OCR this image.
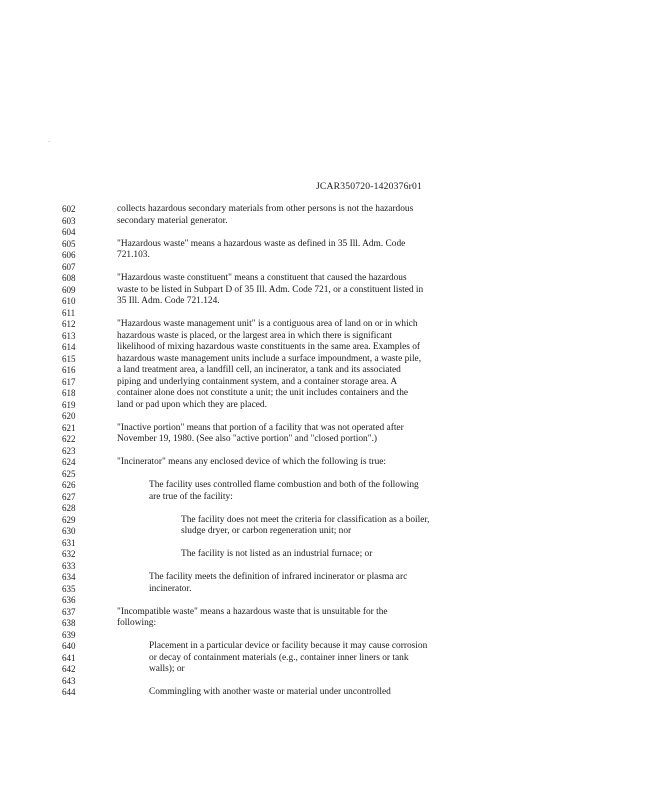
·
JCAR350720-1420376r01
602	collects hazardous secondary materials from other persons is not the hazardous
603	secondary material generator.
604
605	"Hazardous waste" means a hazardous waste as defined in 35 Ill. Adm. Code
606	721.103.
607
608	"Hazardous waste constituent" means a constituent that caused the hazardous
609	waste to be listed in Subpart D of 35 Ill. Adm. Code 721, or a constituent listed in
610	35 Ill. Adm. Code 721.124.
611
612	"Hazardous waste management unit" is a contiguous area of land on or in which
613	hazardous waste is placed, or the largest area in which there is significant
614	likelihood of mixing hazardous waste constituents in the same area. Examples of
615	hazardous waste management units include a surface impoundment, a waste pile,
616	a land treatment area, a landfill cell, an incinerator, a tank and its associated
617	piping and underlying containment system, and a container storage area. A
618	container alone does not constitute a unit; the unit includes containers and the
619	land or pad upon which they are placed.
620
621	"Inactive portion" means that portion of a facility that was not operated after
622	November 19, 1980. (See also "active portion" and "closed portion".)
623
624	"Incinerator" means any enclosed device of which the following is true:
625
626	The facility uses controlled flame combustion and both of the following
627	are true of the facility:
628
629	The facility does not meet the criteria for classification as a boiler,
630	sludge dryer, or carbon regeneration unit; nor
631
632	The facility is not listed as an industrial furnace; or
633
634	The facility meets the definition of infrared incinerator or plasma arc
635	incinerator.
636
637	"Incompatible waste" means a hazardous waste that is unsuitable for the
638	following:
639
640	Placement in a particular device or facility because it may cause corrosion
641	or decay of containment materials (e.g., container inner liners or tank
642	walls); or
643
644	Commingling with another waste or material under uncontrolled
